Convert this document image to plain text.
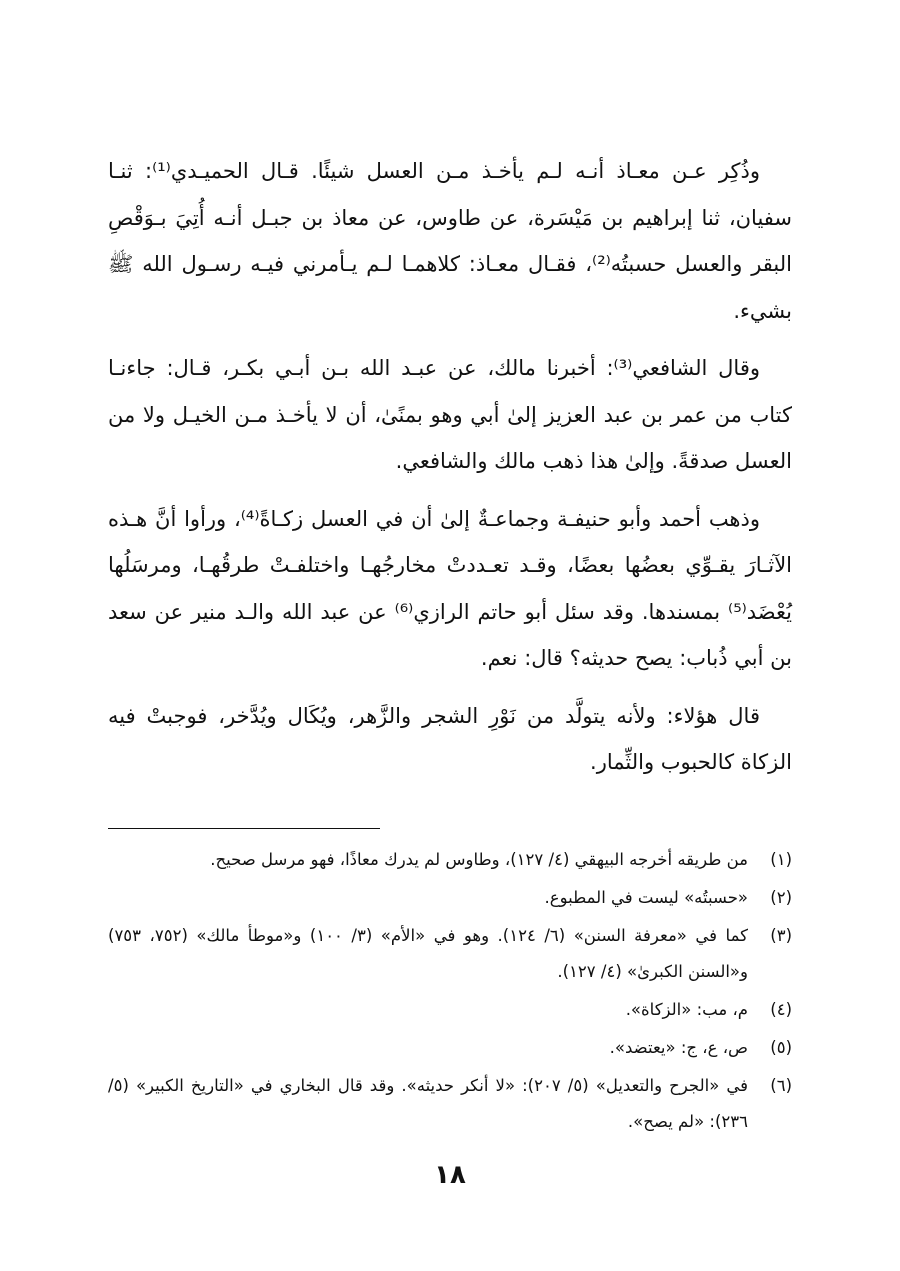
وذُكِر عـن معـاذ أنـه لـم يأخـذ مـن العسل شيئًا. قـال الحميـدي⁽¹⁾: ثنـا سفيان، ثنا إبراهيم بن مَيْسَرة، عن طاوس، عن معاذ بن جبـل أنـه أُتِيَ بـوَقْصِ البقر والعسل حسبتُه⁽²⁾، فقـال معـاذ: كلاهمـا لـم يـأمرني فيـه رسـول الله ﷺ بشيء.

وقال الشافعي⁽³⁾: أخبرنا مالك، عن عبـد الله بـن أبـي بكـر، قـال: جاءنـا كتاب من عمر بن عبد العزيز إلىٰ أبي وهو بمنًىٰ، أن لا يأخـذ مـن الخيـل ولا من العسل صدقةً. وإلىٰ هذا ذهب مالك والشافعي.

وذهب أحمد وأبو حنيفـة وجماعـةٌ إلىٰ أن في العسل زكـاةً⁽⁴⁾، ورأوا أنَّ هـذه الآثـارَ يقـوِّي بعضُها بعضًا، وقـد تعـددتْ مخارجُهـا واختلفـتْ طرقُهـا، ومرسَلُها يُعْضَد⁽⁵⁾ بمسندها. وقد سئل أبو حاتم الرازي⁽⁶⁾ عن عبد الله والـد منير عن سعد بن أبي ذُباب: يصح حديثه؟ قال: نعم.

قال هؤلاء: ولأنه يتولَّد من نَوْرِ الشجر والزَّهر، ويُكَال ويُدَّخر، فوجبتْ فيه الزكاة كالحبوب والثِّمار.

(١)
من طريقه أخرجه البيهقي (٤/ ١٢٧)، وطاوس لم يدرك معاذًا، فهو مرسل صحيح.
(٢)
«حسبتُه» ليست في المطبوع.
(٣)
كما في «معرفة السنن» (٦/ ١٢٤). وهو في «الأم» (٣/ ١٠٠) و«موطأ مالك» (٧٥٢، ٧٥٣) و«السنن الكبرىٰ» (٤/ ١٢٧).
(٤)
م، مب: «الزكاة».
(٥)
ص، ع، ج: «يعتضد».
(٦)
في «الجرح والتعديل» (٥/ ٢٠٧): «لا أنكر حديثه». وقد قال البخاري في «التاريخ الكبير» (٥/ ٢٣٦): «لم يصح».
١٨
